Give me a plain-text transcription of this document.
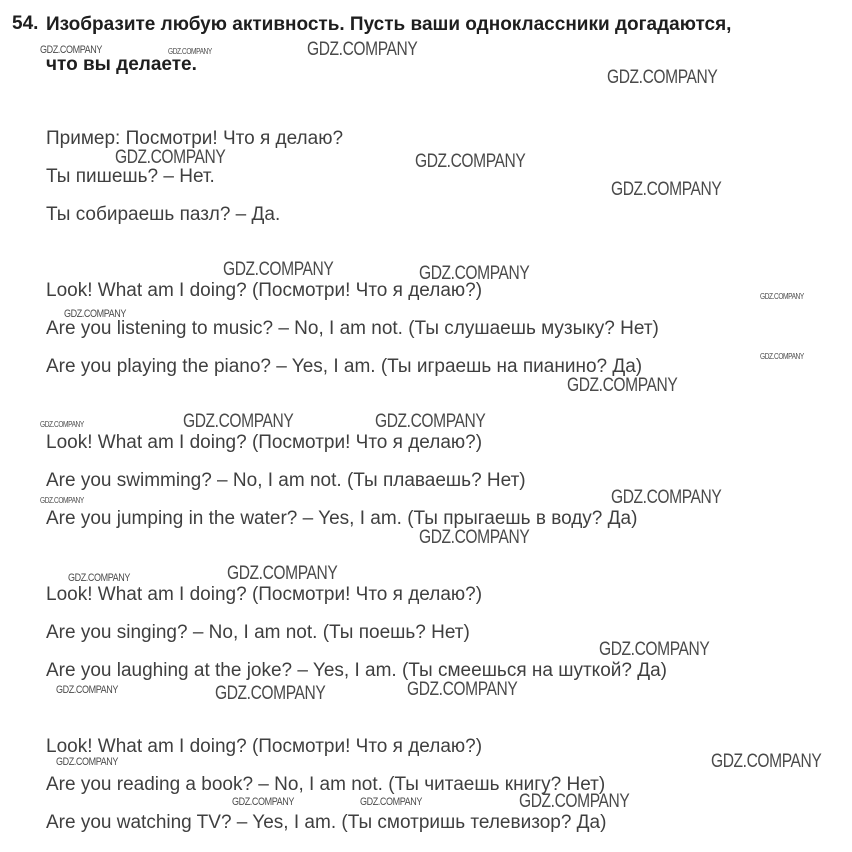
54. Изобразите любую активность. Пусть ваши одноклассники догадаются,
что вы делаете.
Пример: Посмотри! Что я делаю?
Ты пишешь? – Нет.
Ты собираешь пазл? – Да.
Look! What am I doing? (Посмотри! Что я делаю?)
Are you listening to music? – No, I am not. (Ты слушаешь музыку? Нет)
Are you playing the piano? – Yes, I am. (Ты играешь на пианино? Да)
Look! What am I doing? (Посмотри! Что я делаю?)
Are you swimming? – No, I am not. (Ты плаваешь? Нет)
Are you jumping in the water? – Yes, I am. (Ты прыгаешь в воду? Да)
Look! What am I doing? (Посмотри! Что я делаю?)
Are you singing? – No, I am not. (Ты поешь? Нет)
Are you laughing at the joke? – Yes, I am. (Ты смеешься на шуткой? Да)
Look! What am I doing? (Посмотри! Что я делаю?)
Are you reading a book? – No, I am not. (Ты читаешь книгу? Нет)
Are you watching TV? – Yes, I am. (Ты смотришь телевизор? Да)
GDZ.COMPANY	GDZ.COMPANY	GDZ.COMPANY
GDZ.COMPANY
GDZ.COMPANY	GDZ.COMPANY
GDZ.COMPANY
GDZ.COMPANY	GDZ.COMPANY
GDZ.COMPANY
GDZ.COMPANY
GDZ.COMPANY
GDZ.COMPANY
GDZ.COMPANY	GDZ.COMPANY
GDZ.COMPANY
GDZ.COMPANY
GDZ.COMPANY
GDZ.COMPANY
GDZ.COMPANY
GDZ.COMPANY
GDZ.COMPANY
GDZ.COMPANY	GDZ.COMPANY	GDZ.COMPANY
GDZ.COMPANY
GDZ.COMPANY
GDZ.COMPANY	GDZ.COMPANY	GDZ.COMPANY
